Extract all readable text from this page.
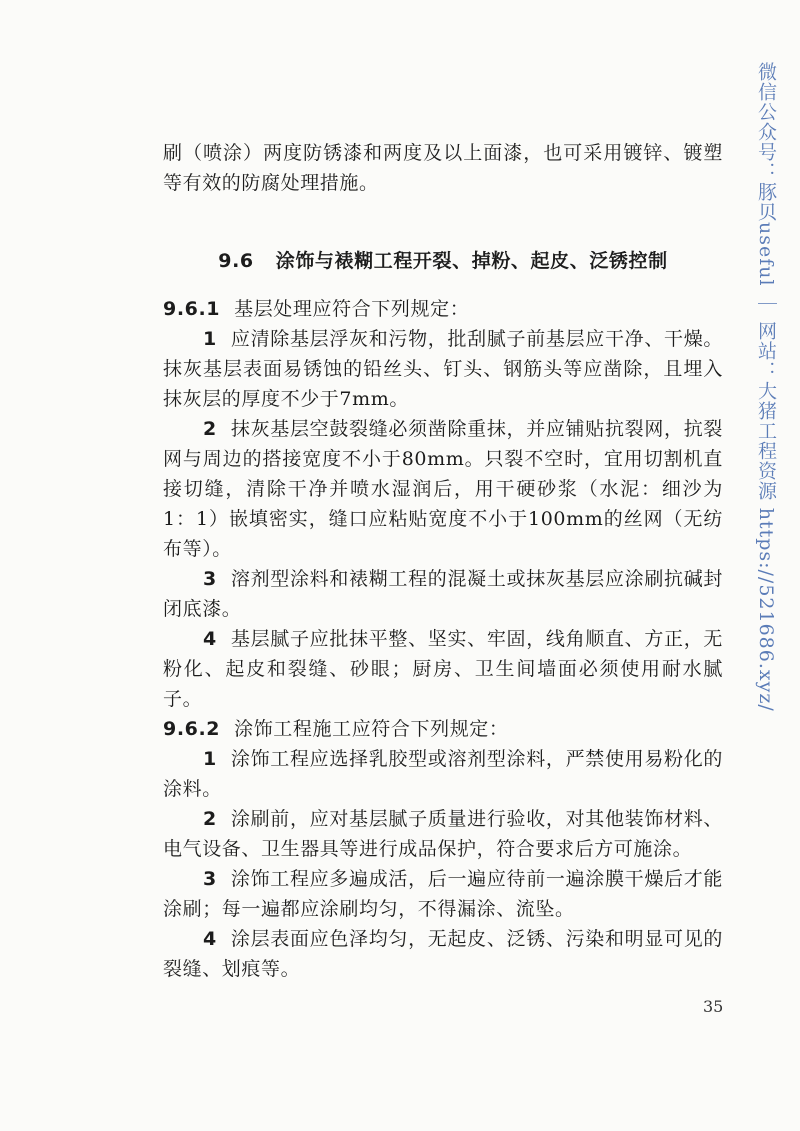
刷（喷涂）两度防锈漆和两度及以上面漆，也可采用镀锌、镀塑等有效的防腐处理措施。

9.6 涂饰与裱糊工程开裂、掉粉、起皮、泛锈控制

9.6.1 基层处理应符合下列规定：

1 应清除基层浮灰和污物，批刮腻子前基层应干净、干燥。抹灰基层表面易锈蚀的铅丝头、钉头、钢筋头等应凿除，且埋入抹灰层的厚度不少于7mm。

2 抹灰基层空鼓裂缝必须凿除重抹，并应铺贴抗裂网，抗裂网与周边的搭接宽度不小于80mm。只裂不空时，宜用切割机直接切缝，清除干净并喷水湿润后，用干硬砂浆（水泥：细沙为1：1）嵌填密实，缝口应粘贴宽度不小于100mm的丝网（无纺布等）。

3 溶剂型涂料和裱糊工程的混凝土或抹灰基层应涂刷抗碱封闭底漆。

4 基层腻子应批抹平整、坚实、牢固，线角顺直、方正，无粉化、起皮和裂缝、砂眼；厨房、卫生间墙面必须使用耐水腻子。

9.6.2 涂饰工程施工应符合下列规定：

1 涂饰工程应选择乳胶型或溶剂型涂料，严禁使用易粉化的涂料。

2 涂刷前，应对基层腻子质量进行验收，对其他装饰材料、电气设备、卫生器具等进行成品保护，符合要求后方可施涂。

3 涂饰工程应多遍成活，后一遍应待前一遍涂膜干燥后才能涂刷；每一遍都应涂刷均匀，不得漏涂、流坠。

4 涂层表面应色泽均匀，无起皮、泛锈、污染和明显可见的裂缝、划痕等。

35
微信公众号：豚贝useful ｜ 网站：大猪工程资源 https://521686.xyz/
